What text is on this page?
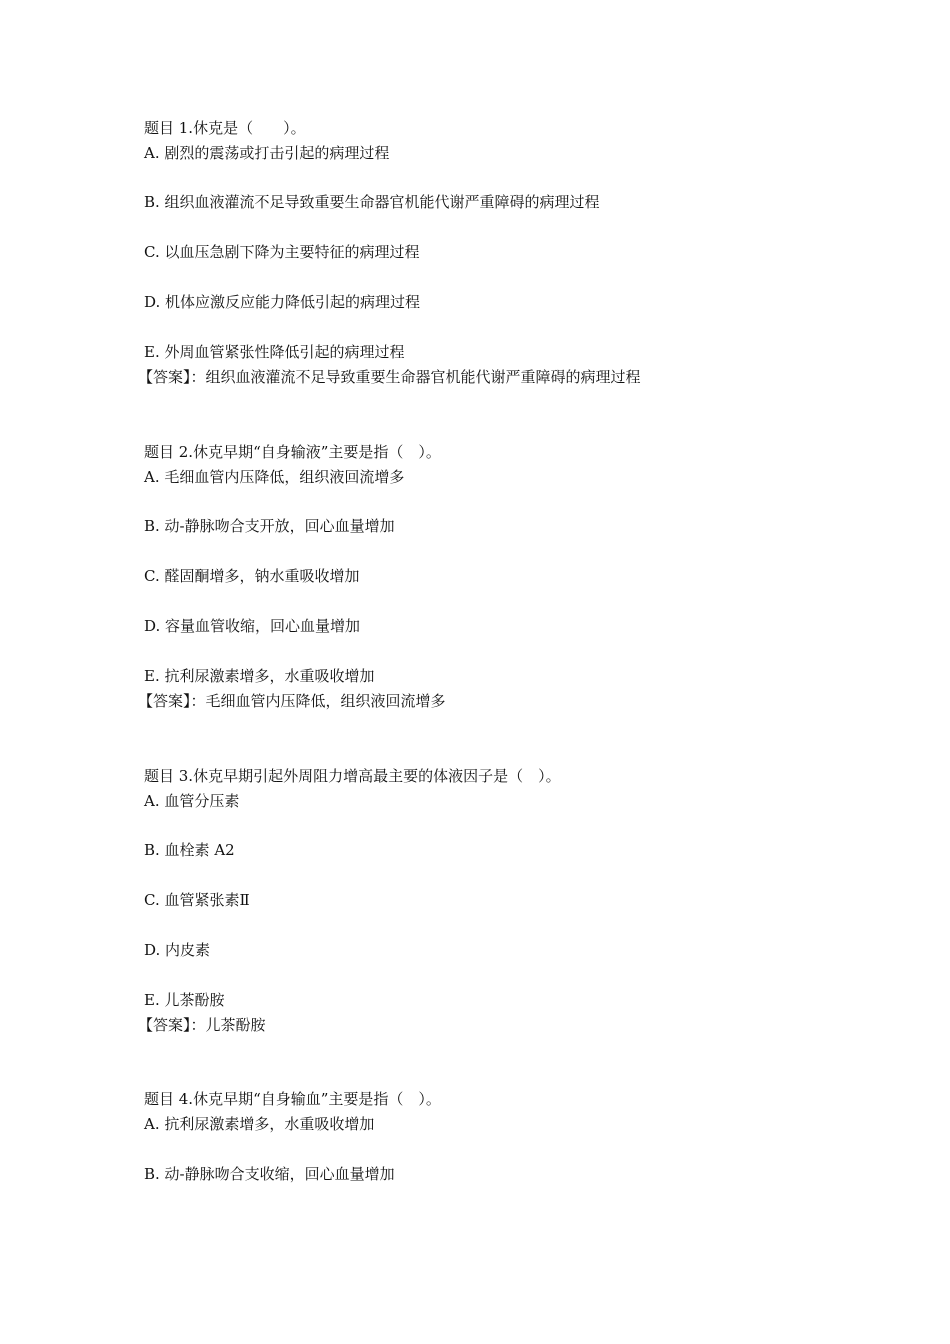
题目 1.休克是（　　）。
A. 剧烈的震荡或打击引起的病理过程
B. 组织血液灌流不足导致重要生命器官机能代谢严重障碍的病理过程
C. 以血压急剧下降为主要特征的病理过程
D. 机体应激反应能力降低引起的病理过程
E. 外周血管紧张性降低引起的病理过程
【答案】：组织血液灌流不足导致重要生命器官机能代谢严重障碍的病理过程
题目 2.休克早期“自身输液”主要是指（　）。
A. 毛细血管内压降低，组织液回流增多
B. 动-静脉吻合支开放，回心血量增加
C. 醛固酮增多，钠水重吸收增加
D. 容量血管收缩，回心血量增加
E. 抗利尿激素增多，水重吸收增加
【答案】：毛细血管内压降低，组织液回流增多
题目 3.休克早期引起外周阻力增高最主要的体液因子是（　）。
A. 血管分压素
B. 血栓素 A2
C. 血管紧张素Ⅱ
D. 内皮素
E. 儿茶酚胺
【答案】：儿茶酚胺
题目 4.休克早期“自身输血”主要是指（　）。
A. 抗利尿激素增多，水重吸收增加
B. 动-静脉吻合支收缩，回心血量增加
